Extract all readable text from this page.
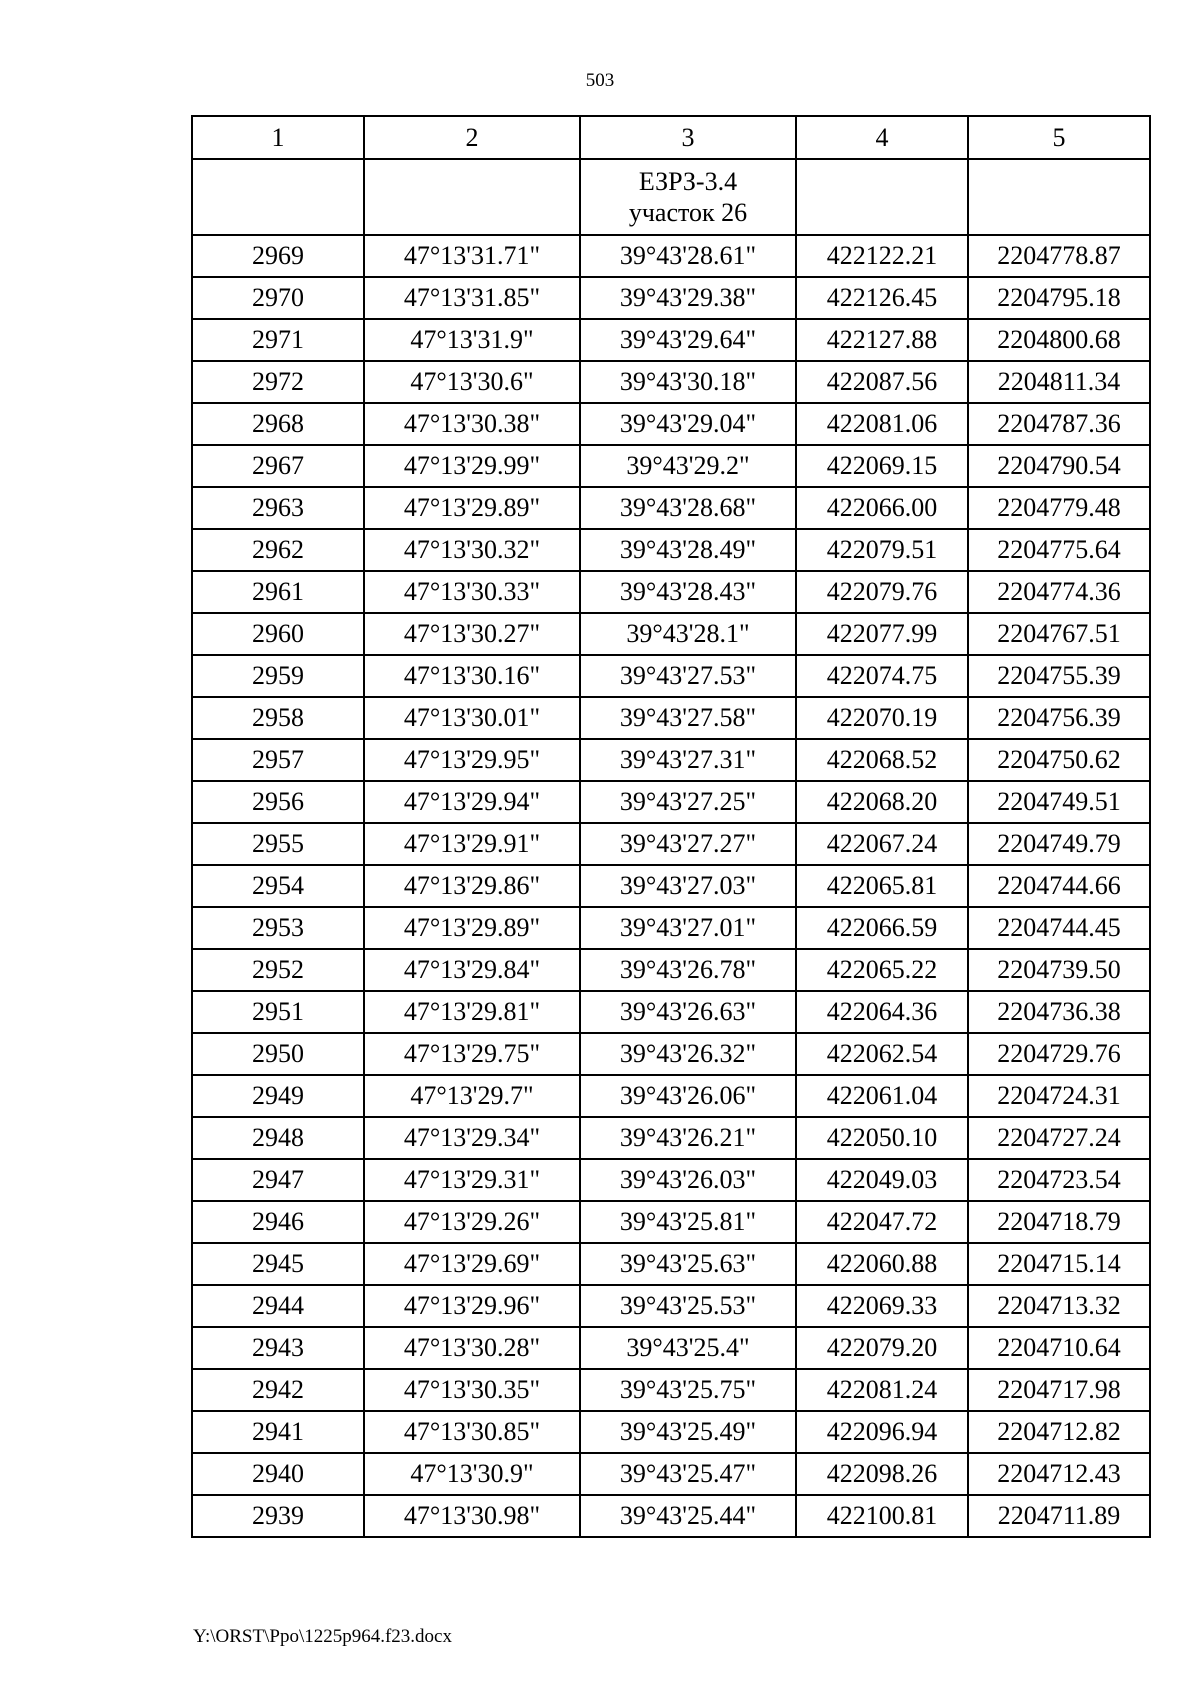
503
1	2	3	4	5

		ЕЗРЗ-3.4
участок 26		

2969	47°13'31.71"	39°43'28.61"	422122.21	2204778.87
2970	47°13'31.85"	39°43'29.38"	422126.45	2204795.18
2971	47°13'31.9"	39°43'29.64"	422127.88	2204800.68
2972	47°13'30.6"	39°43'30.18"	422087.56	2204811.34
2968	47°13'30.38"	39°43'29.04"	422081.06	2204787.36
2967	47°13'29.99"	39°43'29.2"	422069.15	2204790.54
2963	47°13'29.89"	39°43'28.68"	422066.00	2204779.48
2962	47°13'30.32"	39°43'28.49"	422079.51	2204775.64
2961	47°13'30.33"	39°43'28.43"	422079.76	2204774.36
2960	47°13'30.27"	39°43'28.1"	422077.99	2204767.51
2959	47°13'30.16"	39°43'27.53"	422074.75	2204755.39
2958	47°13'30.01"	39°43'27.58"	422070.19	2204756.39
2957	47°13'29.95"	39°43'27.31"	422068.52	2204750.62
2956	47°13'29.94"	39°43'27.25"	422068.20	2204749.51
2955	47°13'29.91"	39°43'27.27"	422067.24	2204749.79
2954	47°13'29.86"	39°43'27.03"	422065.81	2204744.66
2953	47°13'29.89"	39°43'27.01"	422066.59	2204744.45
2952	47°13'29.84"	39°43'26.78"	422065.22	2204739.50
2951	47°13'29.81"	39°43'26.63"	422064.36	2204736.38
2950	47°13'29.75"	39°43'26.32"	422062.54	2204729.76
2949	47°13'29.7"	39°43'26.06"	422061.04	2204724.31
2948	47°13'29.34"	39°43'26.21"	422050.10	2204727.24
2947	47°13'29.31"	39°43'26.03"	422049.03	2204723.54
2946	47°13'29.26"	39°43'25.81"	422047.72	2204718.79
2945	47°13'29.69"	39°43'25.63"	422060.88	2204715.14
2944	47°13'29.96"	39°43'25.53"	422069.33	2204713.32
2943	47°13'30.28"	39°43'25.4"	422079.20	2204710.64
2942	47°13'30.35"	39°43'25.75"	422081.24	2204717.98
2941	47°13'30.85"	39°43'25.49"	422096.94	2204712.82
2940	47°13'30.9"	39°43'25.47"	422098.26	2204712.43
2939	47°13'30.98"	39°43'25.44"	422100.81	2204711.89
Y:\ORST\Ppo\1225p964.f23.docx
